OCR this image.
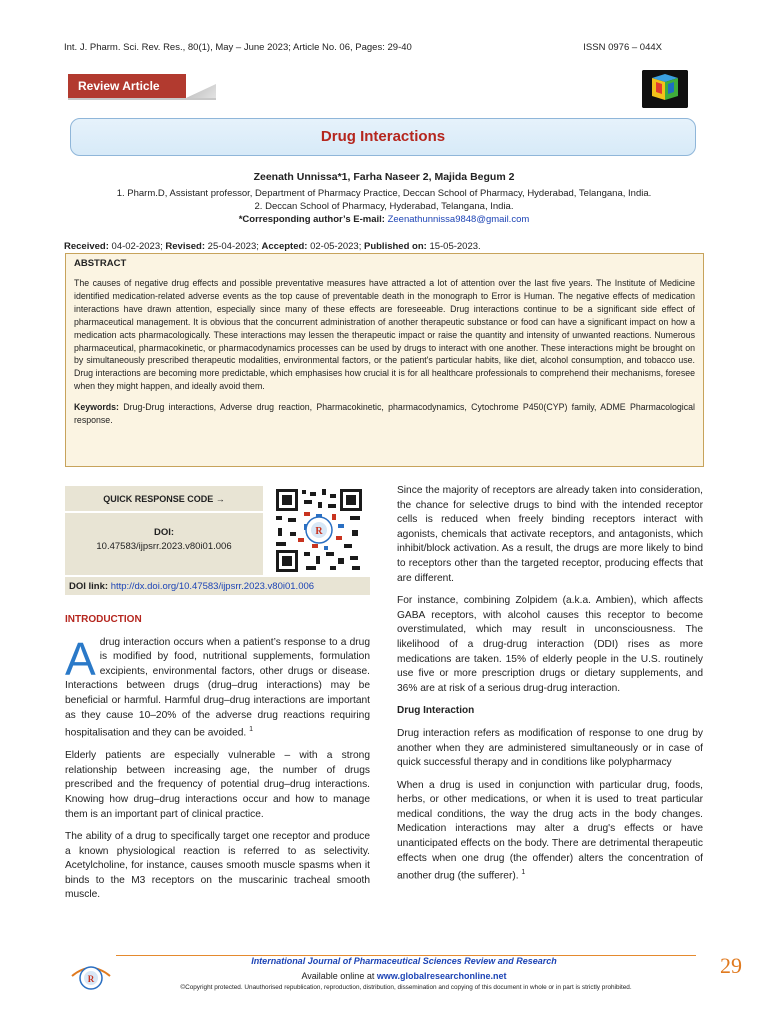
Int. J. Pharm. Sci. Rev. Res., 80(1), May – June 2023; Article No. 06, Pages: 29-40	ISSN 0976 – 044X
Review Article
Drug Interactions
Zeenath Unnissa*1, Farha Naseer 2, Majida Begum 2
1. Pharm.D, Assistant professor, Department of Pharmacy Practice, Deccan School of Pharmacy, Hyderabad, Telangana, India.
2. Deccan School of Pharmacy, Hyderabad, Telangana, India.
*Corresponding author’s E-mail: Zeenathunnissa9848@gmail.com
Received: 04-02-2023; Revised: 25-04-2023; Accepted: 02-05-2023; Published on: 15-05-2023.
ABSTRACT
The causes of negative drug effects and possible preventative measures have attracted a lot of attention over the last five years. The Institute of Medicine identified medication-related adverse events as the top cause of preventable death in the monograph to Error is Human. The negative effects of medication interactions have drawn attention, especially since many of these effects are foreseeable. Drug interactions continue to be a significant side effect of pharmaceutical management. It is obvious that the concurrent administration of another therapeutic substance or food can have a significant impact on how a medication acts pharmacologically. These interactions may lessen the therapeutic impact or raise the quantity and intensity of unwanted reactions. Numerous pharmaceutical, pharmacokinetic, or pharmacodynamics processes can be used by drugs to interact with one another. These interactions might be brought on by simultaneously prescribed therapeutic modalities, environmental factors, or the patient's particular habits, like diet, alcohol consumption, and tobacco use. Drug interactions are becoming more predictable, which emphasises how crucial it is for all healthcare professionals to comprehend their mechanisms, foresee when they might happen, and ideally avoid them.
Keywords: Drug-Drug interactions, Adverse drug reaction, Pharmacokinetic, pharmacodynamics, Cytochrome P450(CYP) family, ADME Pharmacological response.
QUICK RESPONSE CODE →
DOI:
10.47583/ijpsrr.2023.v80i01.006
R
DOI link: http://dx.doi.org/10.47583/ijpsrr.2023.v80i01.006
INTRODUCTION
Adrug interaction occurs when a patient’s response to a drug is modified by food, nutritional supplements, formulation excipients, environmental factors, other drugs or disease. Interactions between drugs (drug–drug interactions) may be beneficial or harmful. Harmful drug–drug interactions are important as they cause 10–20% of the adverse drug reactions requiring hospitalisation and they can be avoided. $^1$
Elderly patients are especially vulnerable – with a strong relationship between increasing age, the number of drugs prescribed and the frequency of potential drug–drug interactions. Knowing how drug–drug interactions occur and how to manage them is an important part of clinical practice.
The ability of a drug to specifically target one receptor and produce a known physiological reaction is referred to as selectivity. Acetylcholine, for instance, causes smooth muscle spasms when it binds to the M3 receptors on the muscarinic tracheal smooth muscle.
Since the majority of receptors are already taken into consideration, the chance for selective drugs to bind with the intended receptor cells is reduced when freely binding receptors interact with agonists, chemicals that activate receptors, and antagonists, which inhibit/block activation. As a result, the drugs are more likely to bind to receptors other than the targeted receptor, producing effects that are different.
For instance, combining Zolpidem (a.k.a. Ambien), which affects GABA receptors, with alcohol causes this receptor to become overstimulated, which may result in unconsciousness. The likelihood of a drug-drug interaction (DDI) rises as more medications are taken. 15% of elderly people in the U.S. routinely use five or more prescription drugs or dietary supplements, and 36% are at risk of a serious drug-drug interaction.
Drug Interaction
Drug interaction refers as modification of response to one drug by another when they are administered simultaneously or in case of quick successful therapy and in conditions like polypharmacy
When a drug is used in conjunction with particular drug, foods, herbs, or other medications, or when it is used to treat particular medical conditions, the way the drug acts in the body changes. Medication interactions may alter a drug's effects or have unanticipated effects on the body. There are detrimental therapeutic effects when one drug (the offender) alters the concentration of another drug (the sufferer). $^1$
R
International Journal of Pharmaceutical Sciences Review and Research
Available online at www.globalresearchonline.net
©Copyright protected. Unauthorised republication, reproduction, distribution, dissemination and copying of this document in whole or in part is strictly prohibited.
29
